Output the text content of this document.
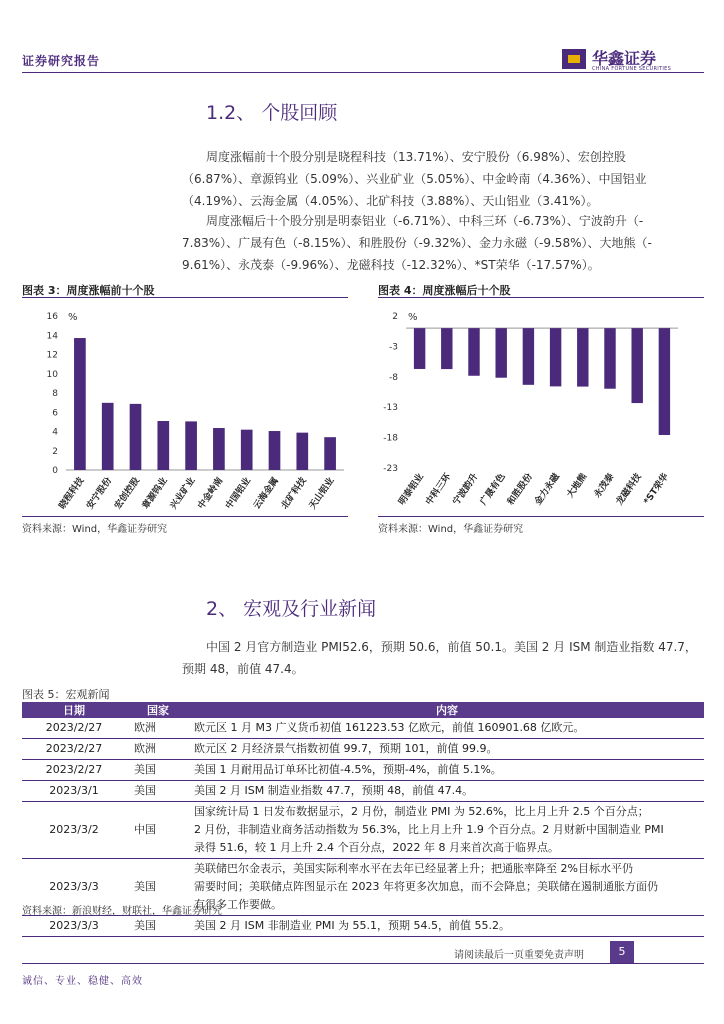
证券研究报告	华鑫证券
CHINA FORTUNE SECURITIES
1.2、 个股回顾
周度涨幅前十个股分别是晓程科技（13.71%）、安宁股份（6.98%）、宏创控股
（6.87%）、章源钨业（5.09%）、兴业矿业（5.05%）、中金岭南（4.36%）、中国铝业
（4.19%）、云海金属（4.05%）、北矿科技（3.88%）、天山铝业（3.41%）。
周度涨幅后十个股分别是明泰铝业（-6.71%）、中科三环（-6.73%）、宁波韵升（-
7.83%）、广晟有色（-8.15%）、和胜股份（-9.32%）、金力永磁（-9.58%）、大地熊（-
9.61%）、永茂泰（-9.96%）、龙磁科技（-12.32%）、*ST荣华（-17.57%）。
图表 3：周度涨幅前十个股
0
2
4
6
8
10
12
14
16 %
晓程科技
安宁股份
宏创控股
章源钨业
兴业矿业
中金岭南
中国铝业
云海金属
北矿科技
天山铝业
资料来源：Wind，华鑫证券研究
图表 4：周度涨幅后十个股
2
-3
-8
-13
-18
-23
%
明泰铝业
中科三环
宁波韵升
广晟有色
和胜股份
金力永磁 大地熊 永茂泰
龙磁科技
*ST荣华
资料来源：Wind，华鑫证券研究
2、 宏观及行业新闻
中国 2 月官方制造业 PMI52.6，预期 50.6，前值 50.1。美国 2 月 ISM 制造业指数 47.7，
预期 48，前值 47.4。
图表 5：宏观新闻
日期	国家	内容
2023/2/27	欧洲	欧元区 1 月 M3 广义货币初值 161223.53 亿欧元，前值 160901.68 亿欧元。

2023/2/27	欧洲	欧元区 2 月经济景气指数初值 99.7，预期 101，前值 99.9。

2023/2/27	美国	美国 1 月耐用品订单环比初值-4.5%，预期-4%，前值 5.1%。

2023/3/1	美国	美国 2 月 ISM 制造业指数 47.7，预期 48，前值 47.4。

2023/3/2	中国	国家统计局 1 日发布数据显示，2 月份，制造业 PMI 为 52.6%，比上月上升 2.5 个百分点；
2 月份，非制造业商务活动指数为 56.3%，比上月上升 1.9 个百分点。2 月财新中国制造业 PMI
录得 51.6，较 1 月上升 2.4 个百分点，2022 年 8 月来首次高于临界点。

2023/3/3	美国	美联储巴尔金表示，美国实际利率水平在去年已经显著上升；把通胀率降至 2%目标水平仍
需要时间；美联储点阵图显示在 2023 年将更多次加息，而不会降息；美联储在遏制通胀方面仍
有很多工作要做。

2023/3/3	美国	美国 2 月 ISM 非制造业 PMI 为 55.1，预期 54.5，前值 55.2。
资料来源：新浪财经，财联社，华鑫证券研究
请阅读最后一页重要免责声明	5
诚信、专业、稳健、高效
